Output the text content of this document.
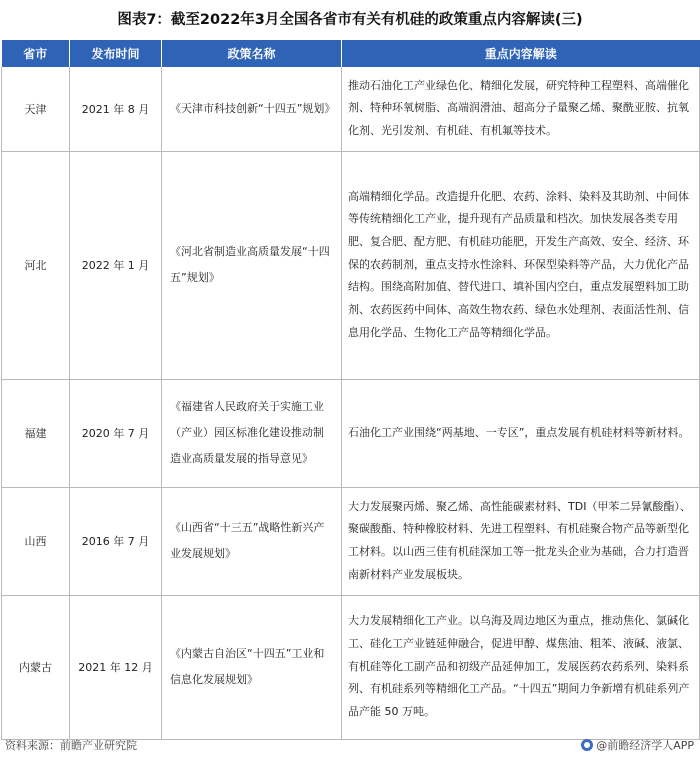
图表7：截至2022年3月全国各省市有关有机硅的政策重点内容解读(三)
省市	发布时间	政策名称	重点内容解读
天津	2021 年 8 月	《天津市科技创新“十四五”规划》	推动石油化工产业绿色化、精细化发展，研究特种工程塑料、高端催化剂、特种环氧树脂、高端润滑油、超高分子量聚乙烯、聚酰亚胺、抗氧化剂、光引发剂、有机硅、有机氟等技术。
河北	2022 年 1 月	《河北省制造业高质量发展“十四五”规划》	高端精细化学品。改造提升化肥、农药、涂料、染料及其助剂、中间体等传统精细化工产业，提升现有产品质量和档次。加快发展各类专用肥、复合肥、配方肥、有机硅功能肥，开发生产高效、安全、经济、环保的农药制剂，重点支持水性涂料、环保型染料等产品，大力优化产品结构。围绕高附加值、替代进口、填补国内空白，重点发展塑料加工助剂、农药医药中间体、高效生物农药、绿色水处理剂、表面活性剂、信息用化学品、生物化工产品等精细化学品。
福建	2020 年 7 月	《福建省人民政府关于实施工业（产业）园区标准化建设推动制造业高质量发展的指导意见》	石油化工产业围绕“两基地、一专区”，重点发展有机硅材料等新材料。
山西	2016 年 7 月	《山西省“十三五”战略性新兴产业发展规划》	大力发展聚丙烯、聚乙烯、高性能碳素材料、TDI（甲苯二异氰酸酯）、聚碳酸酯、特种橡胶材料、先进工程塑料、有机硅聚合物产品等新型化工材料。以山西三佳有机硅深加工等一批龙头企业为基础，合力打造晋南新材料产业发展板块。
内蒙古	2021 年 12 月	《内蒙古自治区“十四五”工业和信息化发展规划》	大力发展精细化工产业。以乌海及周边地区为重点，推动焦化、氯碱化工、硅化工产业链延伸融合，促进甲醇、煤焦油、粗苯、液碱、液氯、有机硅等化工副产品和初级产品延伸加工，发展医药农药系列、染料系列、有机硅系列等精细化工产品。“十四五”期间力争新增有机硅系列产品产能 50 万吨。
资料来源：前瞻产业研究院	@前瞻经济学人APP
